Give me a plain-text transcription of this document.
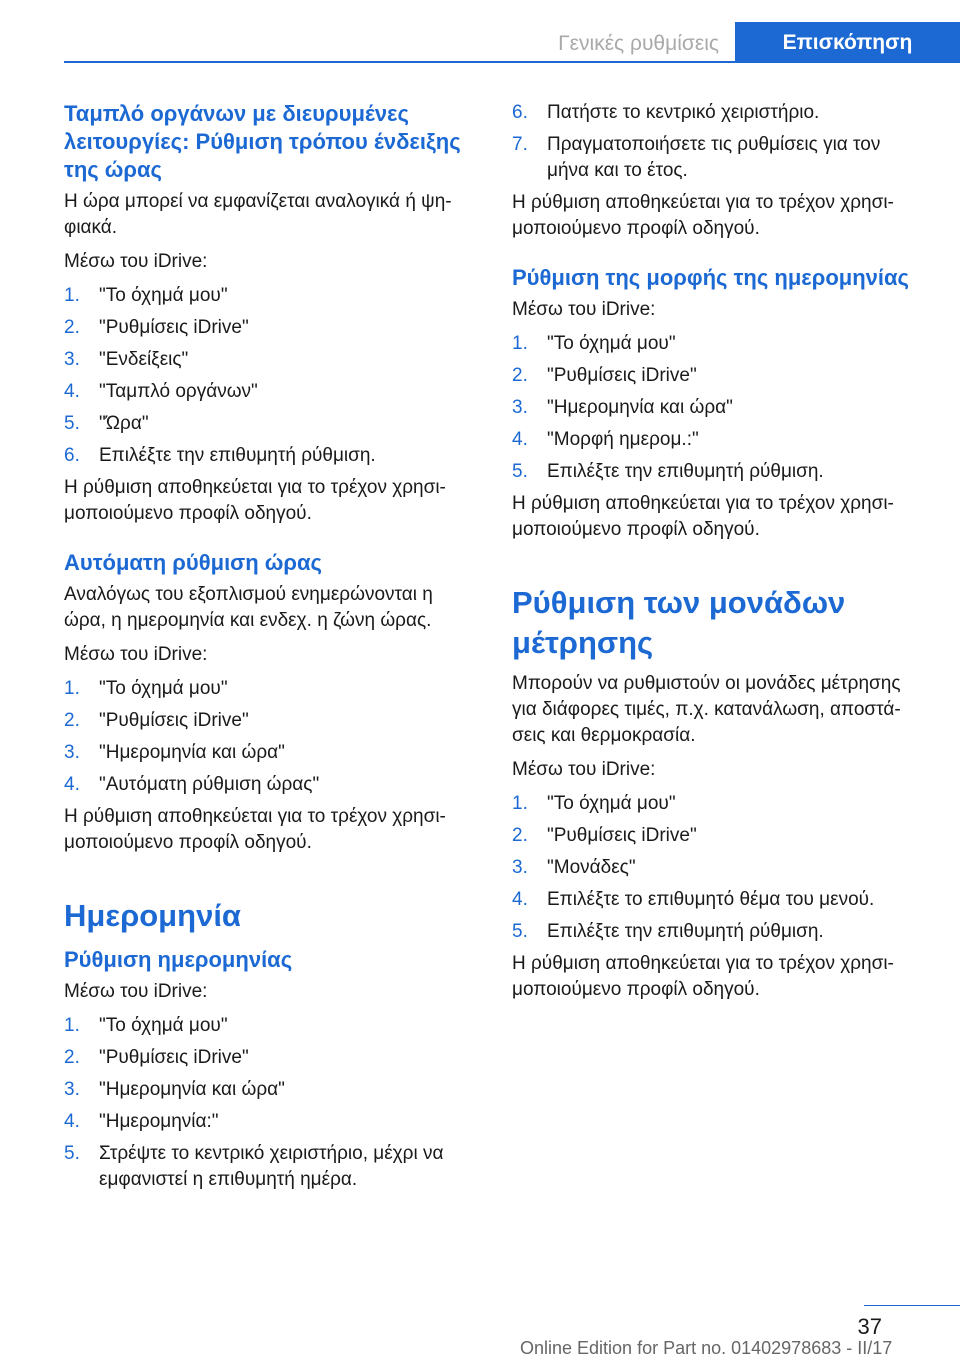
Γενικές ρυθμίσεις	Επισκόπηση
Ταμπλό οργάνων με διευρυμένες λειτουργίες: Ρύθμιση τρόπου ένδειξης της ώρας

Η ώρα μπορεί να εμφανίζεται αναλογικά ή ψη-φιακά.

Μέσω του iDrive:

1. "Το όχημά μου"
2. "Ρυθμίσεις iDrive"
3. "Ενδείξεις"
4. "Ταμπλό οργάνων"
5. "Ώρα"
6. Επιλέξτε την επιθυμητή ρύθμιση.

Η ρύθμιση αποθηκεύεται για το τρέχον χρησι-μοποιούμενο προφίλ οδηγού.

Αυτόματη ρύθμιση ώρας

Αναλόγως του εξοπλισμού ενημερώνονται η ώρα, η ημερομηνία και ενδεχ. η ζώνη ώρας.

Μέσω του iDrive:

1. "Το όχημά μου"
2. "Ρυθμίσεις iDrive"
3. "Ημερομηνία και ώρα"
4. "Αυτόματη ρύθμιση ώρας"

Η ρύθμιση αποθηκεύεται για το τρέχον χρησι-μοποιούμενο προφίλ οδηγού.

Ημερομηνία
Ρύθμιση ημερομηνίας

Μέσω του iDrive:

1. "Το όχημά μου"
2. "Ρυθμίσεις iDrive"
3. "Ημερομηνία και ώρα"
4. "Ημερομηνία:"
5. Στρέψτε το κεντρικό χειριστήριο, μέχρι να εμφανιστεί η επιθυμητή ημέρα.
6. Πατήστε το κεντρικό χειριστήριο.
7. Πραγματοποιήσετε τις ρυθμίσεις για τον μήνα και το έτος.

Η ρύθμιση αποθηκεύεται για το τρέχον χρησι-μοποιούμενο προφίλ οδηγού.

Ρύθμιση της μορφής της ημερομηνίας

Μέσω του iDrive:

1. "Το όχημά μου"
2. "Ρυθμίσεις iDrive"
3. "Ημερομηνία και ώρα"
4. "Μορφή ημερομ.:"
5. Επιλέξτε την επιθυμητή ρύθμιση.

Η ρύθμιση αποθηκεύεται για το τρέχον χρησι-μοποιούμενο προφίλ οδηγού.

Ρύθμιση των μονάδων μέτρησης

Μπορούν να ρυθμιστούν οι μονάδες μέτρησης για διάφορες τιμές, π.χ. κατανάλωση, αποστά-σεις και θερμοκρασία.

Μέσω του iDrive:

1. "Το όχημά μου"
2. "Ρυθμίσεις iDrive"
3. "Μονάδες"
4. Επιλέξτε το επιθυμητό θέμα του μενού.
5. Επιλέξτε την επιθυμητή ρύθμιση.

Η ρύθμιση αποθηκεύεται για το τρέχον χρησι-μοποιούμενο προφίλ οδηγού.

37
Online Edition for Part no. 01402978683 - II/17
